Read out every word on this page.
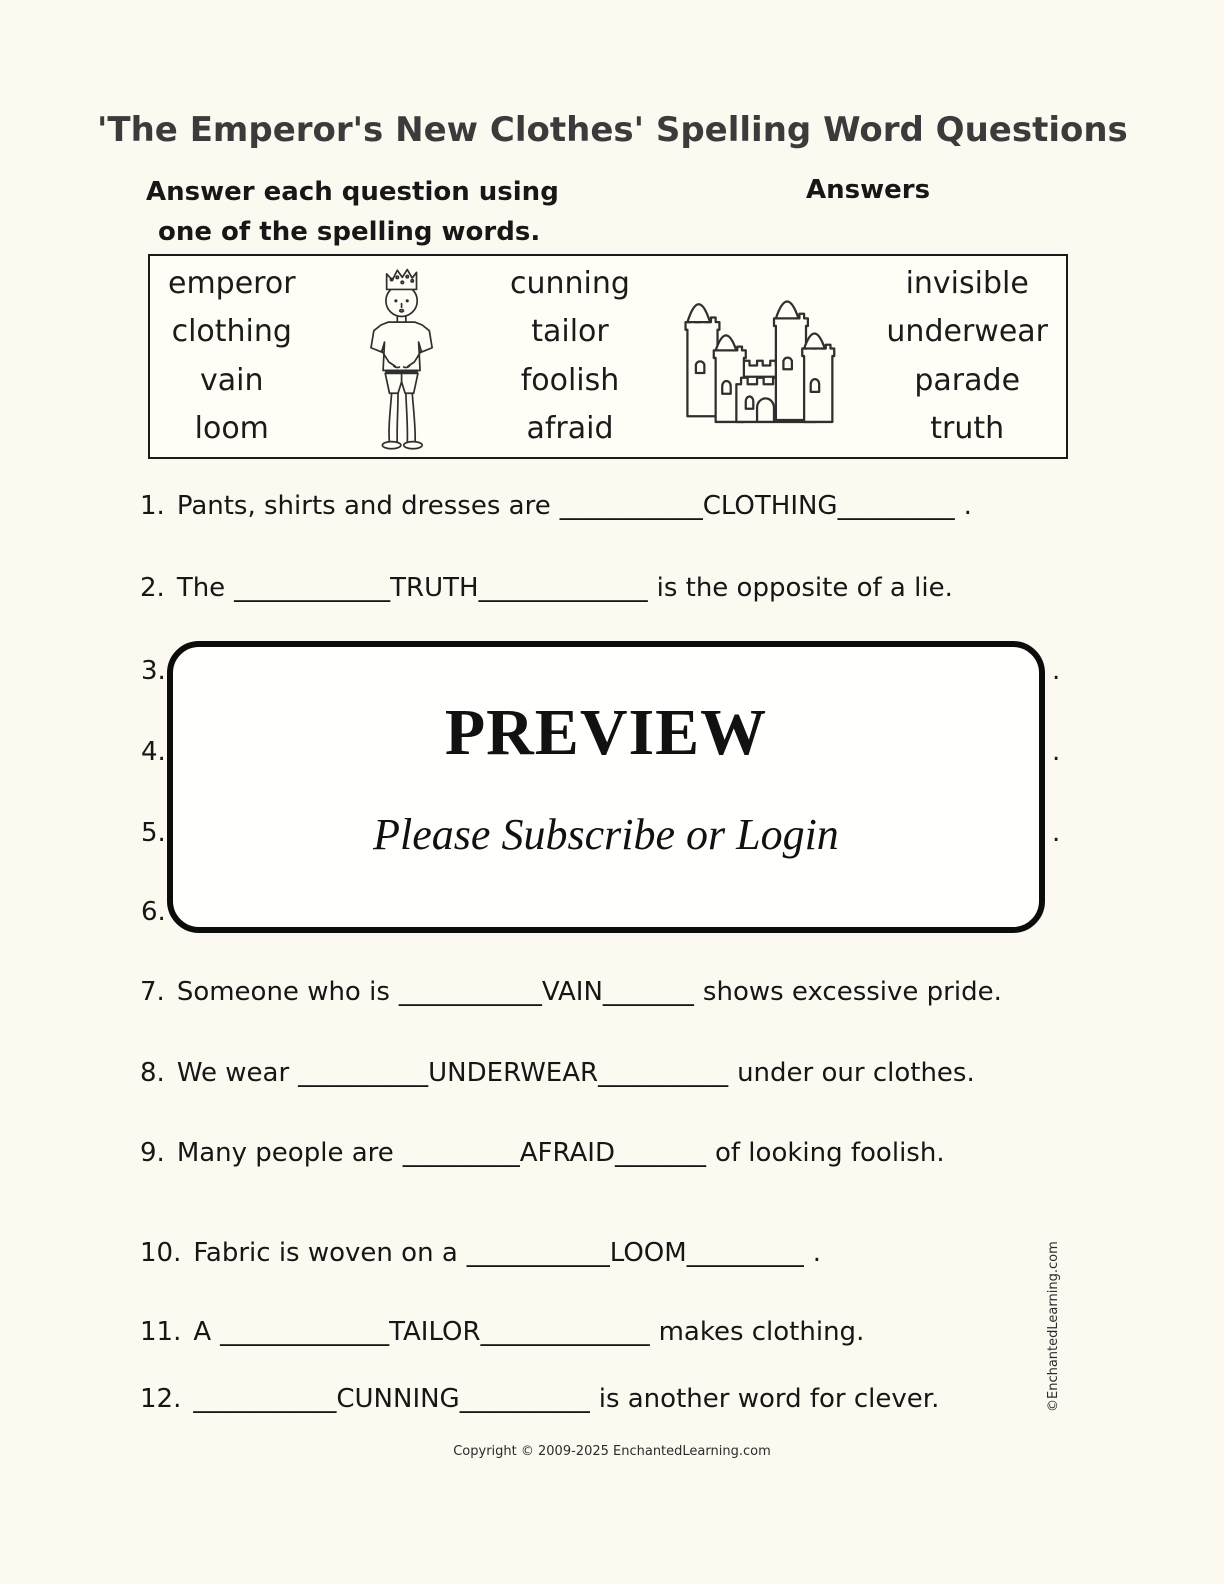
'The Emperor's New Clothes' Spelling Word Questions
Answer each question using
one of the spelling words.
Answers
emperor
clothing
vain
loom
cunning
tailor
foolish
afraid
invisible
underwear
parade
truth
1. Pants, shirts and dresses are ___________CLOTHING_________ .
2. The ____________TRUTH_____________ is the opposite of a lie.
3.
4.
5.
6.
.
.
.
PREVIEW
Please Subscribe or Login
7. Someone who is ___________VAIN_______ shows excessive pride.
8. We wear __________UNDERWEAR__________ under our clothes.
9. Many people are _________AFRAID_______ of looking foolish.
10. Fabric is woven on a ___________LOOM_________ .
11. A _____________TAILOR_____________ makes clothing.
12. ___________CUNNING__________ is another word for clever.
Copyright © 2009-2025 EnchantedLearning.com
©EnchantedLearning.com
